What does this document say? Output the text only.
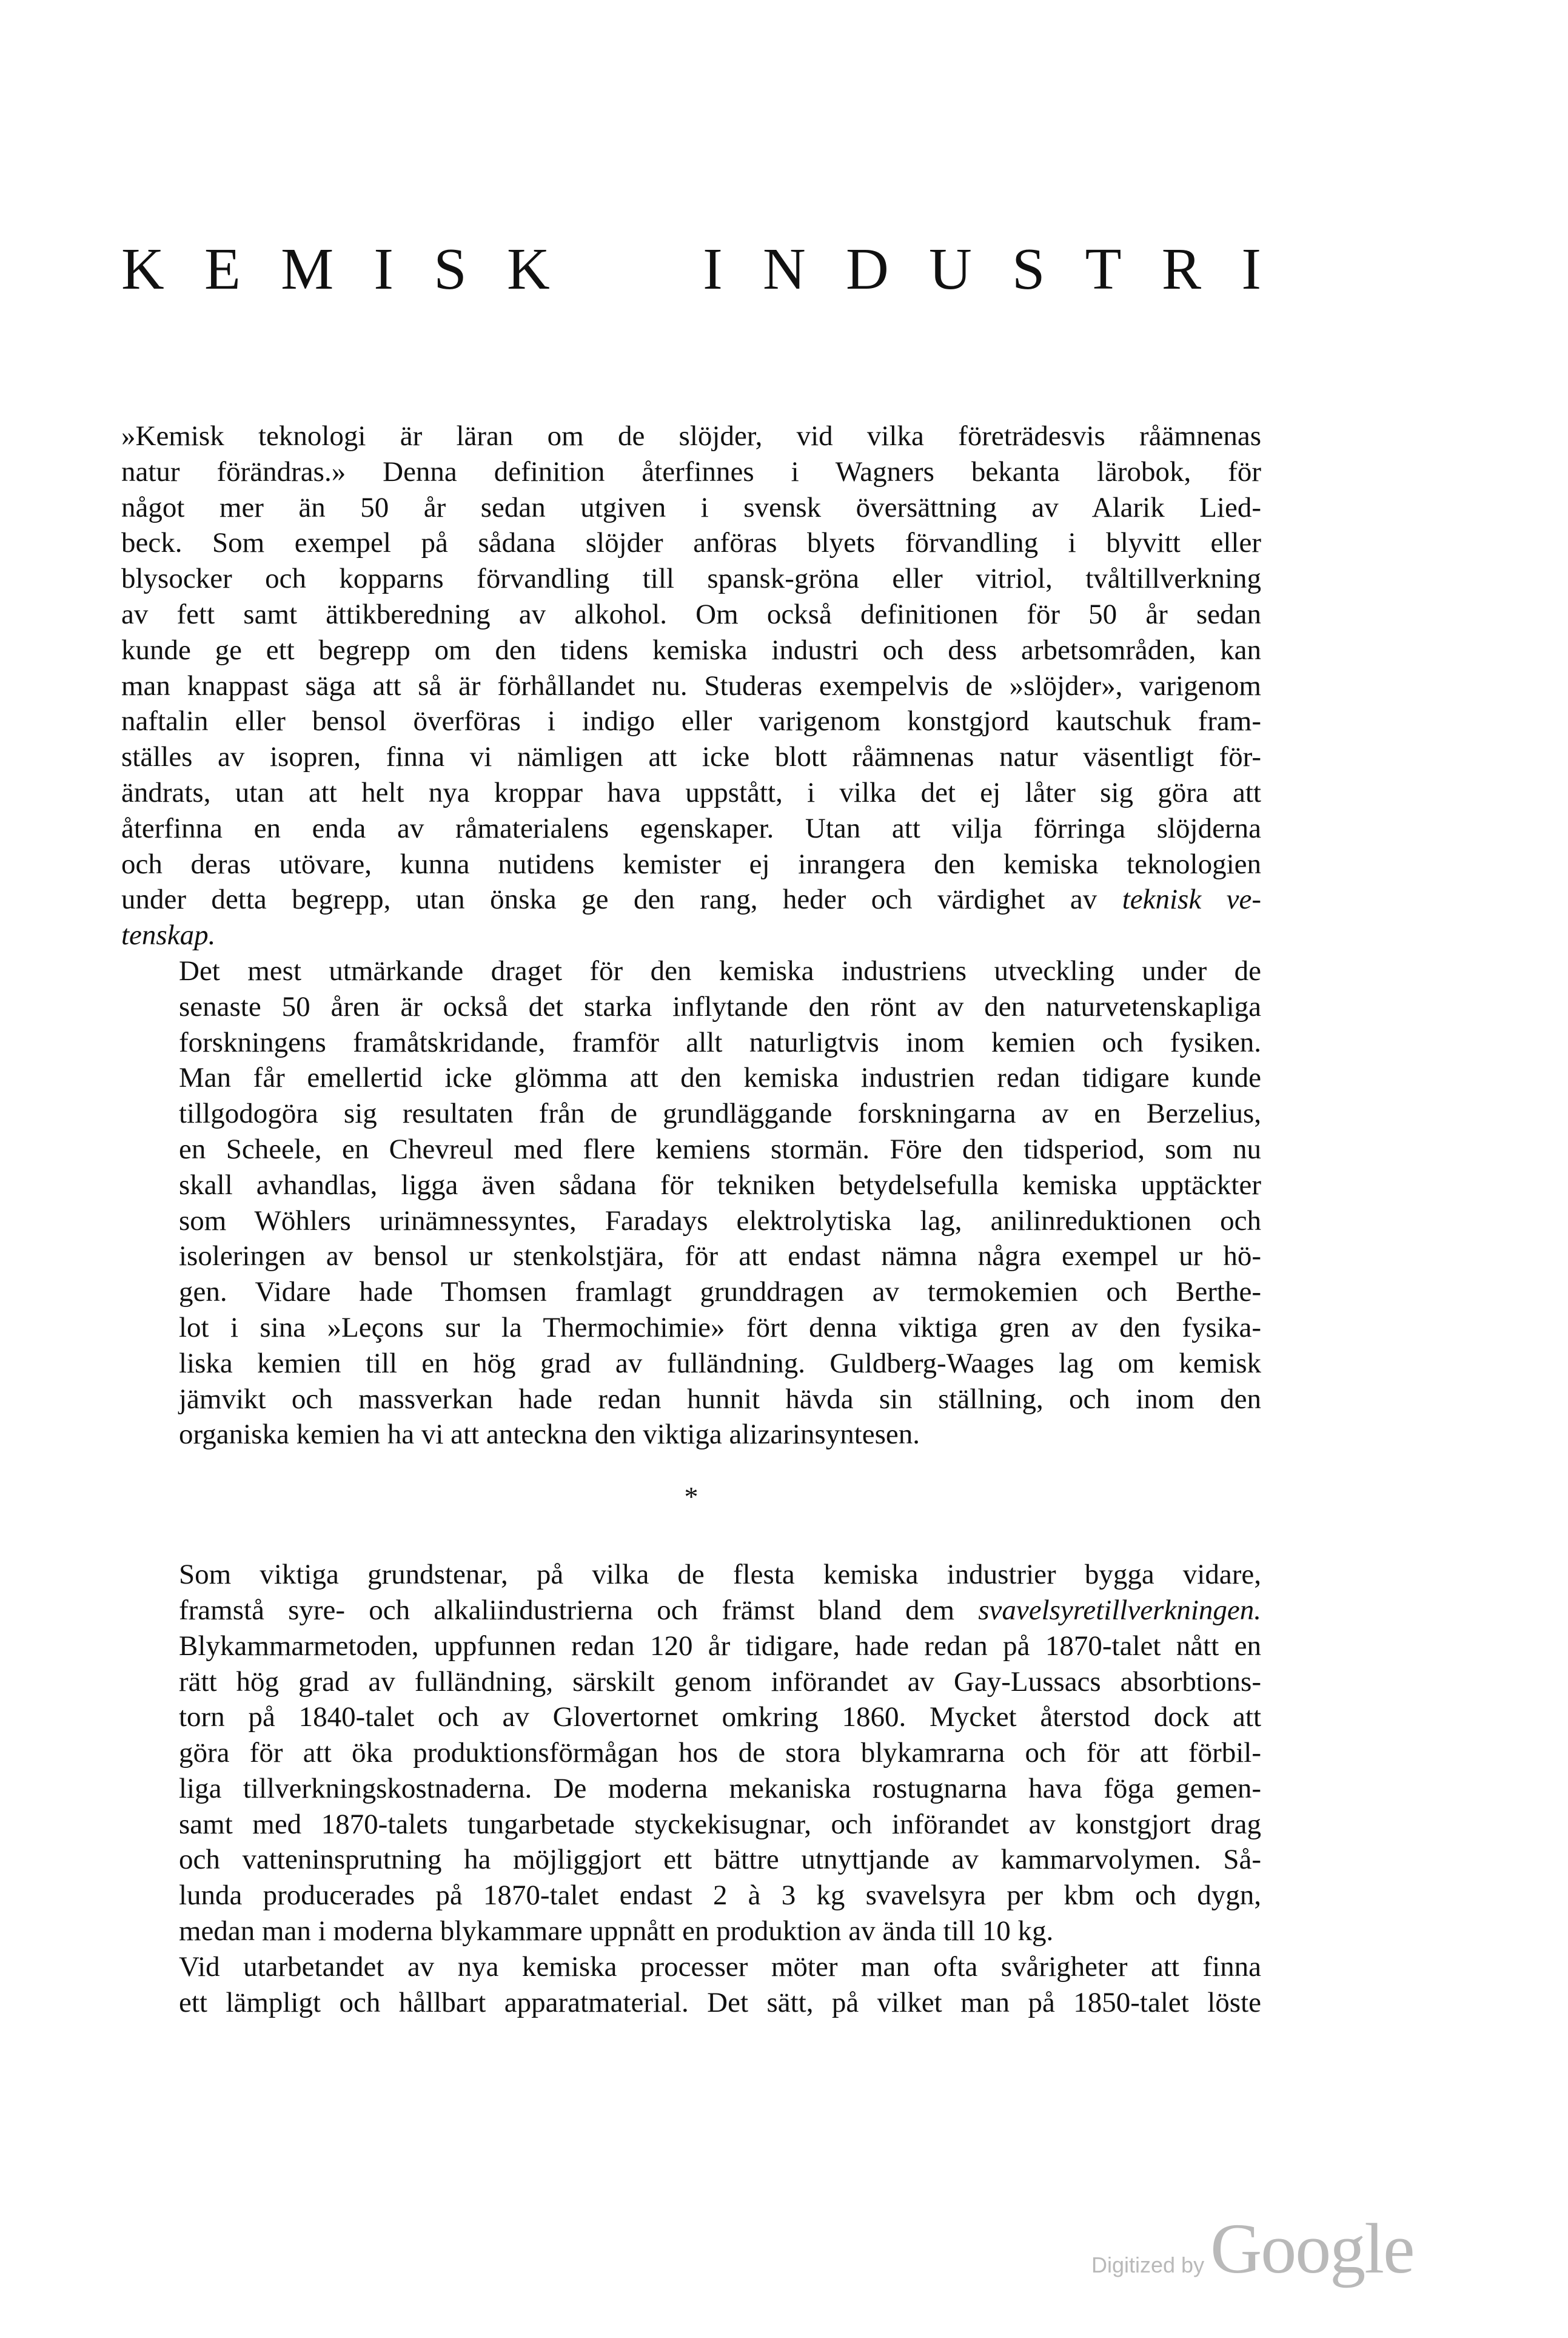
K E M I S K	I N D U S T R I
»Kemisk teknologi är läran om de slöjder, vid vilka företrädesvis råämnenas
natur förändras.» Denna definition återfinnes i Wagners bekanta lärobok, för
något mer än 50 år sedan utgiven i svensk översättning av Alarik Lied-
beck. Som exempel på sådana slöjder anföras blyets förvandling i blyvitt eller
blysocker och kopparns förvandling till spansk-gröna eller vitriol, tvåltillverkning
av fett samt ättikberedning av alkohol. Om också definitionen för 50 år sedan
kunde ge ett begrepp om den tidens kemiska industri och dess arbetsområden, kan
man knappast säga att så är förhållandet nu. Studeras exempelvis de »slöjder», varigenom
naftalin eller bensol överföras i indigo eller varigenom konstgjord kautschuk fram-
ställes av isopren, finna vi nämligen att icke blott råämnenas natur väsentligt för-
ändrats, utan att helt nya kroppar hava uppstått, i vilka det ej låter sig göra att
återfinna en enda av råmaterialens egenskaper. Utan att vilja förringa slöjderna
och deras utövare, kunna nutidens kemister ej inrangera den kemiska teknologien
under detta begrepp, utan önska ge den rang, heder och värdighet av teknisk ve-
tenskap.
Det mest utmärkande draget för den kemiska industriens utveckling under de
senaste 50 åren är också det starka inflytande den rönt av den naturvetenskapliga
forskningens framåtskridande, framför allt naturligtvis inom kemien och fysiken.
Man får emellertid icke glömma att den kemiska industrien redan tidigare kunde
tillgodogöra sig resultaten från de grundläggande forskningarna av en Berzelius,
en Scheele, en Chevreul med flere kemiens stormän. Före den tidsperiod, som nu
skall avhandlas, ligga även sådana för tekniken betydelsefulla kemiska upptäckter
som Wöhlers urinämnessyntes, Faradays elektrolytiska lag, anilinreduktionen och
isoleringen av bensol ur stenkolstjära, för att endast nämna några exempel ur hö-
gen. Vidare hade Thomsen framlagt grunddragen av termokemien och Berthe-
lot i sina »Leçons sur la Thermochimie» fört denna viktiga gren av den fysika-
liska kemien till en hög grad av fulländning. Guldberg-Waages lag om kemisk
jämvikt och massverkan hade redan hunnit hävda sin ställning, och inom den
organiska kemien ha vi att anteckna den viktiga alizarinsyntesen.
*
Som viktiga grundstenar, på vilka de flesta kemiska industrier bygga vidare,
framstå syre- och alkaliindustrierna och främst bland dem svavelsyretillverkningen.
Blykammarmetoden, uppfunnen redan 120 år tidigare, hade redan på 1870-talet nått en
rätt hög grad av fulländning, särskilt genom införandet av Gay-Lussacs absorbtions-
torn på 1840-talet och av Glovertornet omkring 1860. Mycket återstod dock att
göra för att öka produktionsförmågan hos de stora blykamrarna och för att förbil-
liga tillverkningskostnaderna. De moderna mekaniska rostugnarna hava föga gemen-
samt med 1870-talets tungarbetade styckekisugnar, och införandet av konstgjort drag
och vatteninsprutning ha möjliggjort ett bättre utnyttjande av kammarvolymen. Så-
lunda producerades på 1870-talet endast 2 à 3 kg svavelsyra per kbm och dygn,
medan man i moderna blykammare uppnått en produktion av ända till 10 kg.
Vid utarbetandet av nya kemiska processer möter man ofta svårigheter att finna
ett lämpligt och hållbart apparatmaterial. Det sätt, på vilket man på 1850-talet löste
Digitized by Google
